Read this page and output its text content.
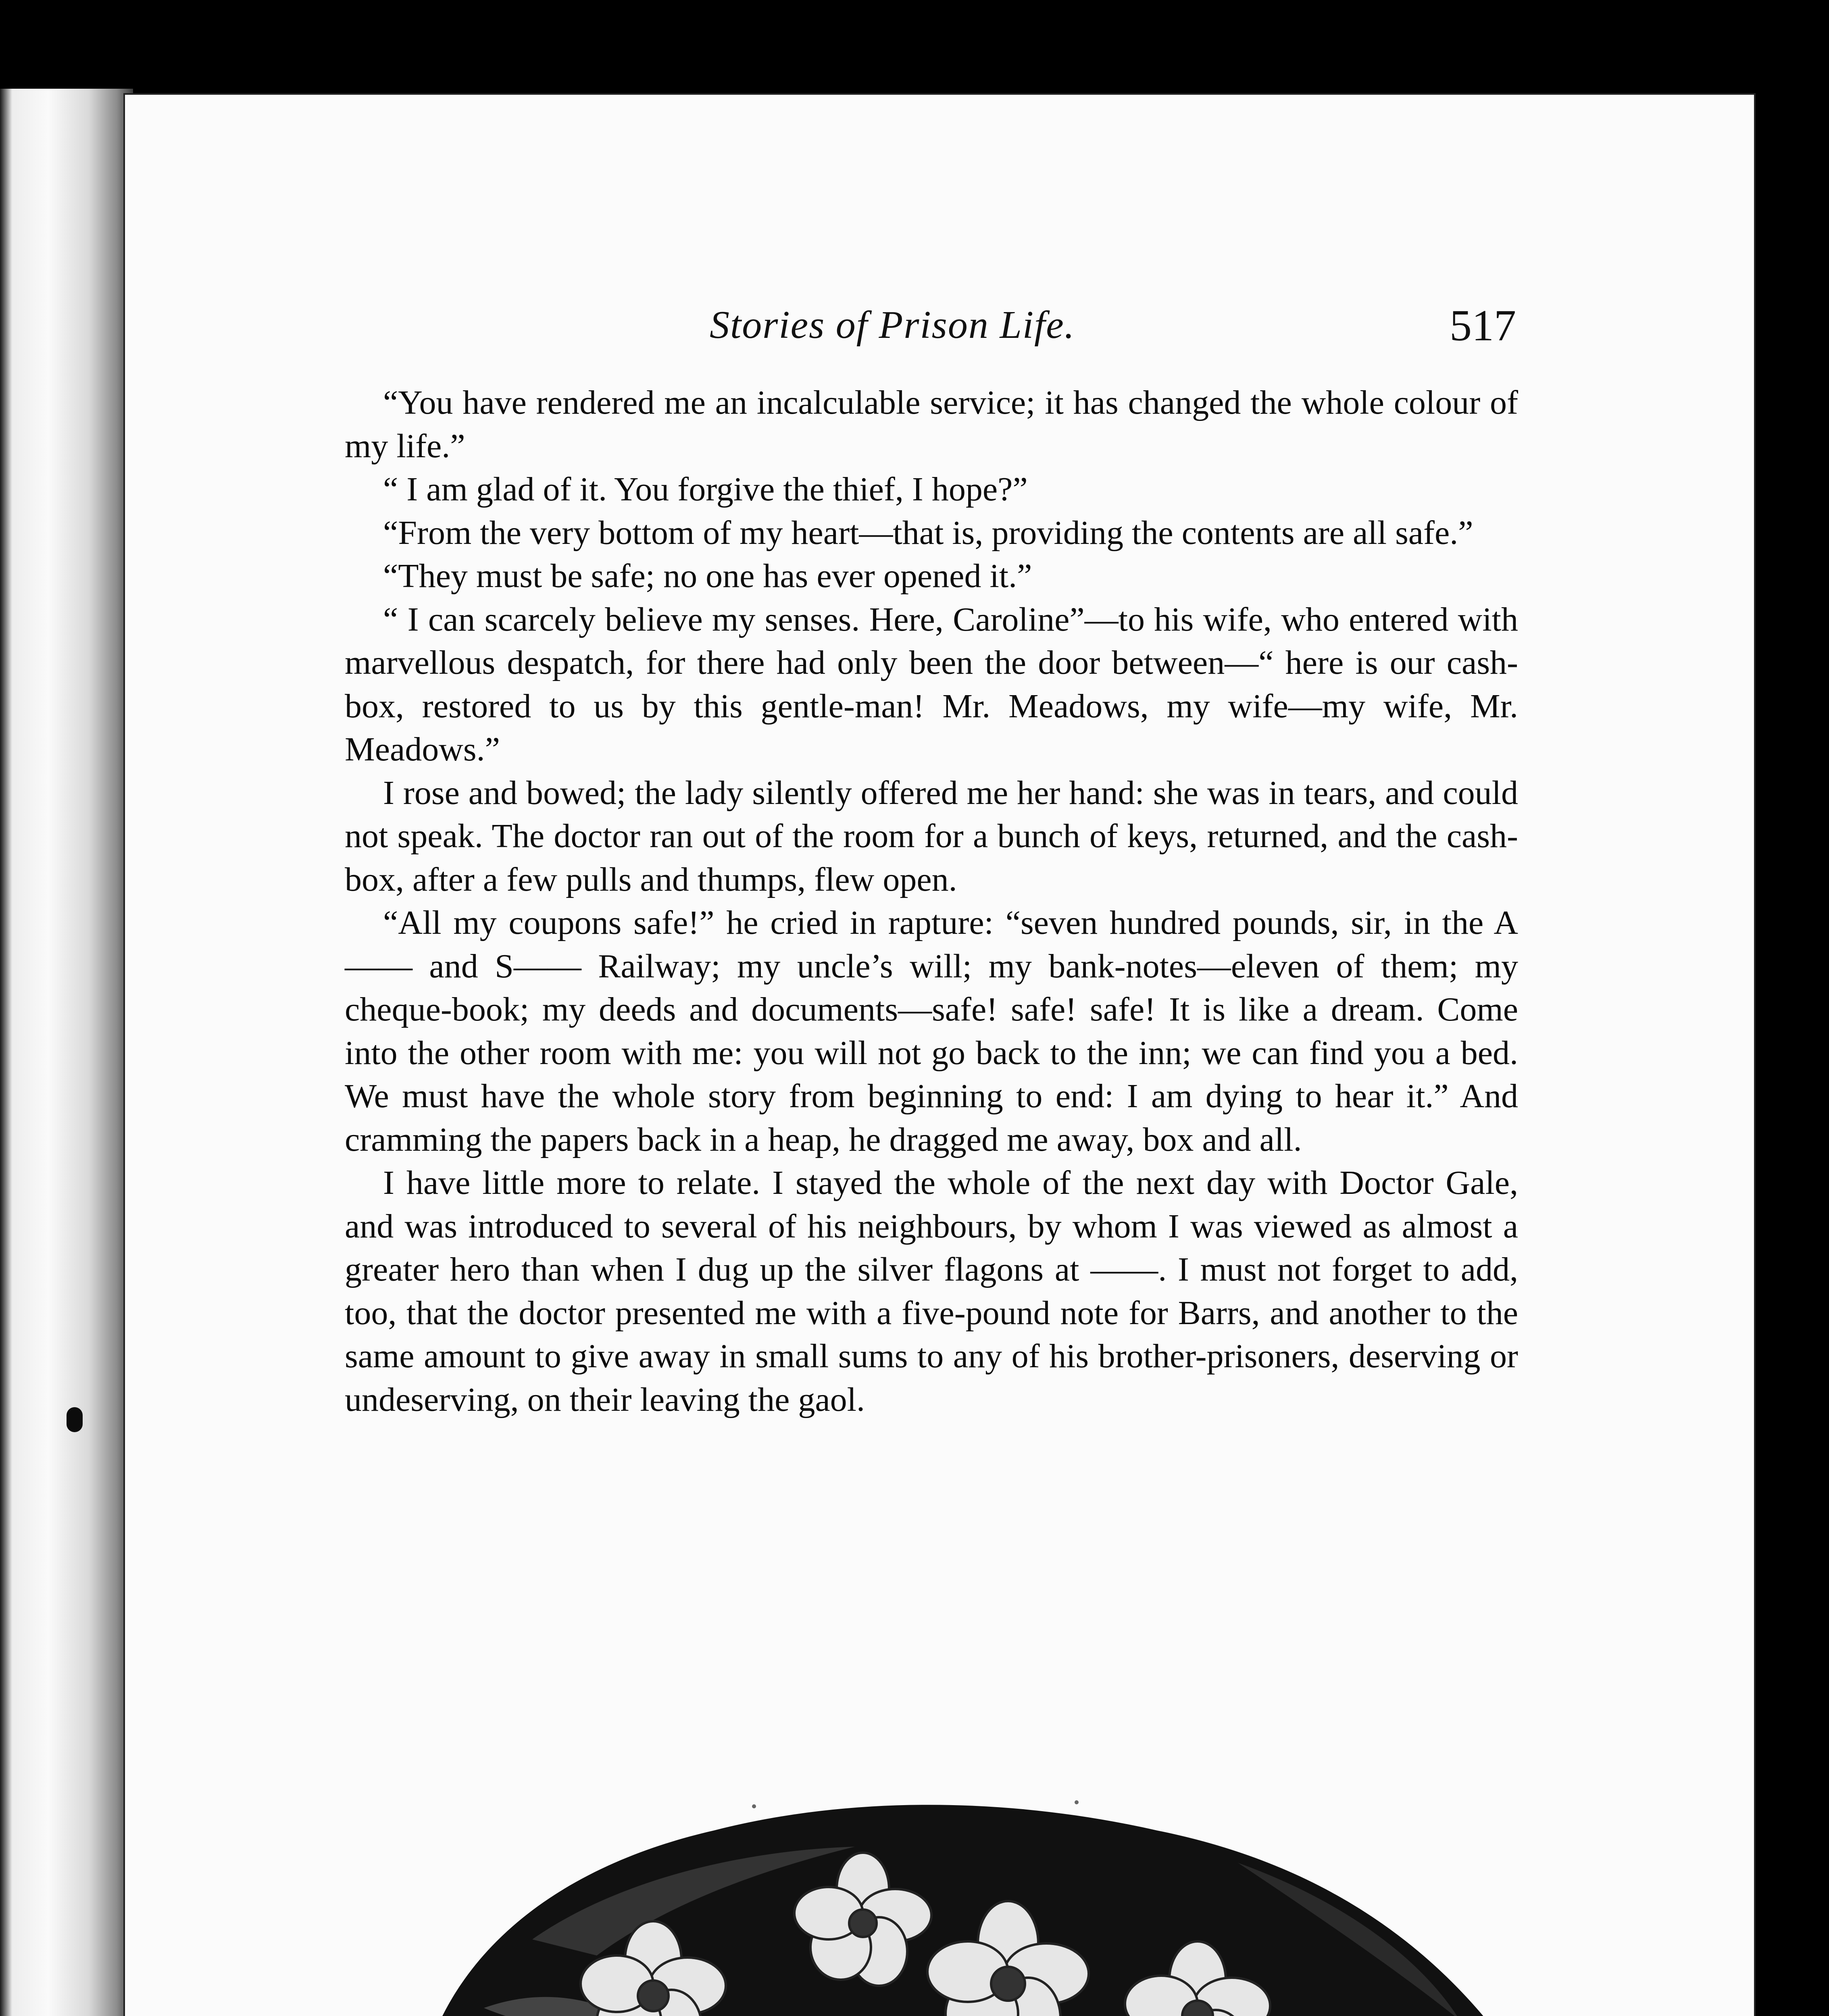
Stories of Prison Life.	517

“You have rendered me an incalculable service; it has changed the whole colour of my life.”

“ I am glad of it. You forgive the thief, I hope?”

“From the very bottom of my heart—that is, providing the contents are all safe.”

“They must be safe; no one has ever opened it.”

“ I can scarcely believe my senses. Here, Caroline”—to his wife, who entered with marvellous despatch, for there had only been the door between—“ here is our cash-box, restored to us by this gentle-man! Mr. Meadows, my wife—my wife, Mr. Meadows.”

I rose and bowed; the lady silently offered me her hand: she was in tears, and could not speak. The doctor ran out of the room for a bunch of keys, returned, and the cash-box, after a few pulls and thumps, flew open.

“All my coupons safe!” he cried in rapture: “seven hundred pounds, sir, in the A—— and S—— Railway; my uncle’s will; my bank-notes—eleven of them; my cheque-book; my deeds and documents—safe! safe! safe! It is like a dream. Come into the other room with me: you will not go back to the inn; we can find you a bed. We must have the whole story from beginning to end: I am dying to hear it.” And cramming the papers back in a heap, he dragged me away, box and all.

I have little more to relate. I stayed the whole of the next day with Doctor Gale, and was introduced to several of his neighbours, by whom I was viewed as almost a greater hero than when I dug up the silver flagons at ——. I must not forget to add, too, that the doctor presented me with a five-pound note for Barrs, and another to the same amount to give away in small sums to any of his brother-prisoners, deserving or undeserving, on their leaving the gaol.
